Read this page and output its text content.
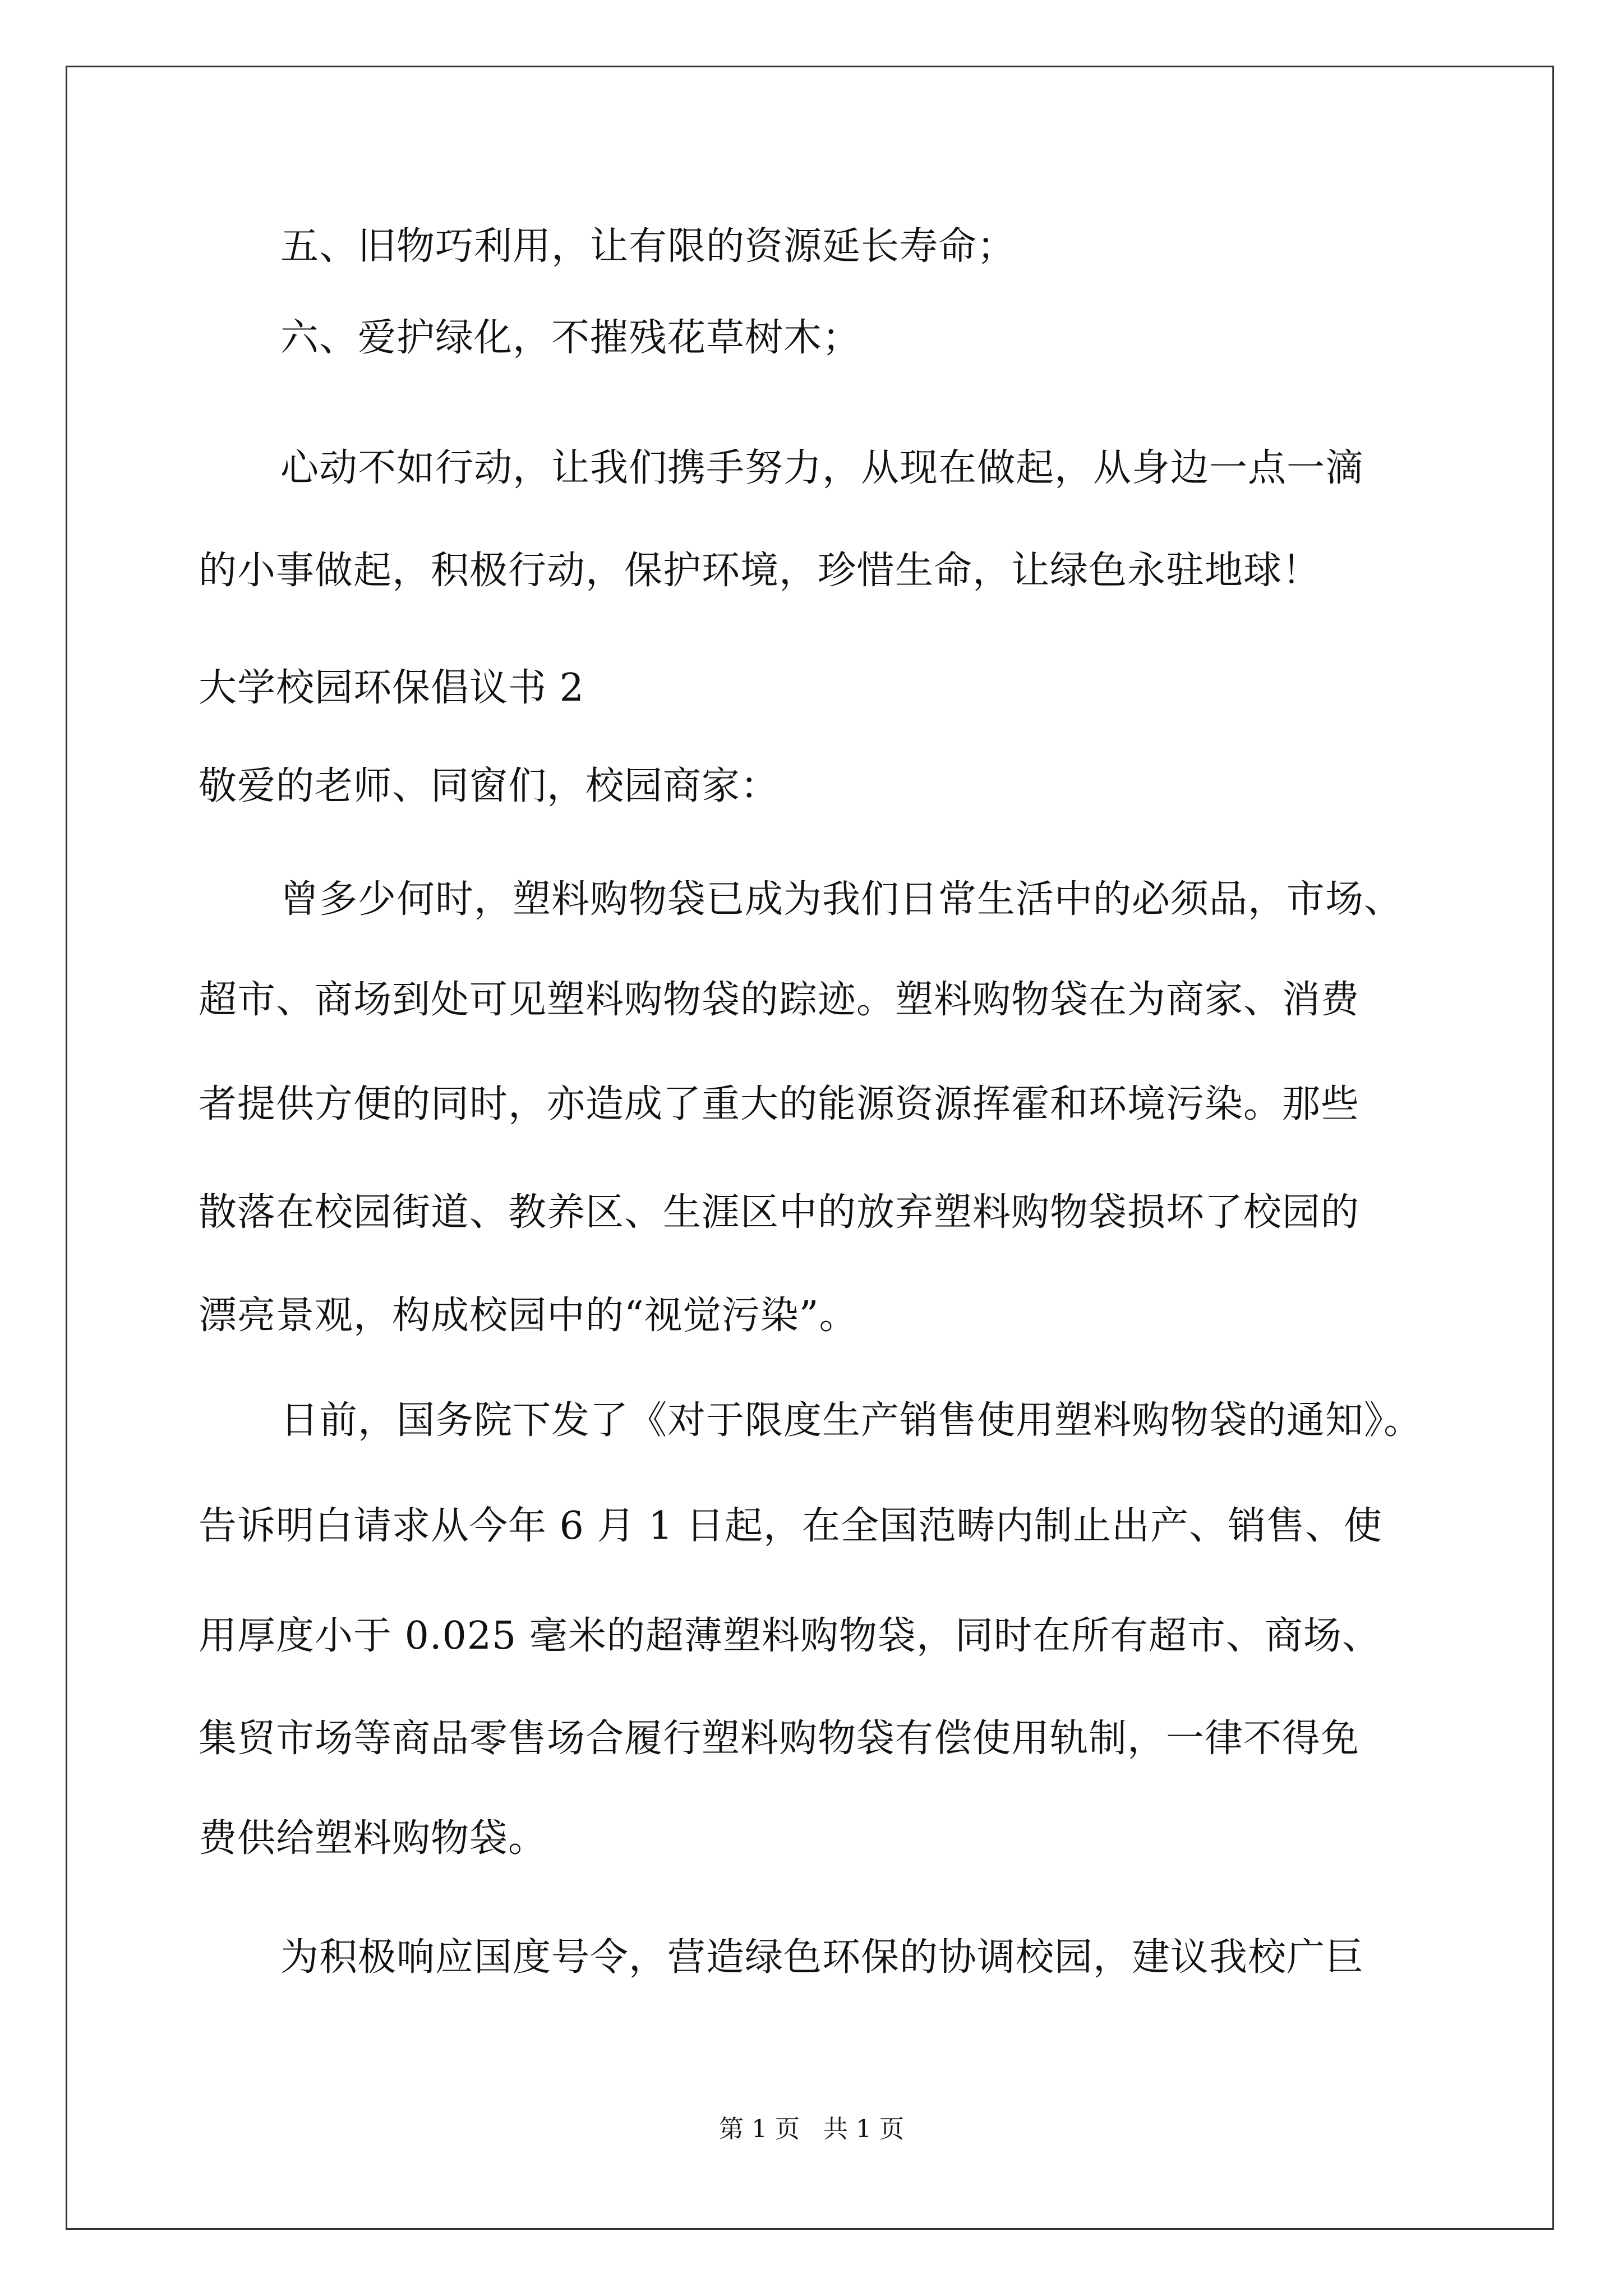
五、旧物巧利用，让有限的资源延长寿命；
六、爱护绿化，不摧残花草树木；
心动不如行动，让我们携手努力，从现在做起，从身边一点一滴
的小事做起，积极行动，保护环境，珍惜生命，让绿色永驻地球！
大学校园环保倡议书 2
敬爱的老师、同窗们，校园商家：
曾多少何时，塑料购物袋已成为我们日常生活中的必须品，市场、
超市、商场到处可见塑料购物袋的踪迹。塑料购物袋在为商家、消费
者提供方便的同时，亦造成了重大的能源资源挥霍和环境污染。那些
散落在校园街道、教养区、生涯区中的放弃塑料购物袋损坏了校园的
漂亮景观，构成校园中的“视觉污染”。
日前，国务院下发了《对于限度生产销售使用塑料购物袋的通知》。
告诉明白请求从今年 6 月 1 日起，在全国范畴内制止出产、销售、使
用厚度小于 0.025 毫米的超薄塑料购物袋，同时在所有超市、商场、
集贸市场等商品零售场合履行塑料购物袋有偿使用轨制，一律不得免
费供给塑料购物袋。
为积极响应国度号令，营造绿色环保的协调校园，建议我校广巨
第 1 页 共 1 页
